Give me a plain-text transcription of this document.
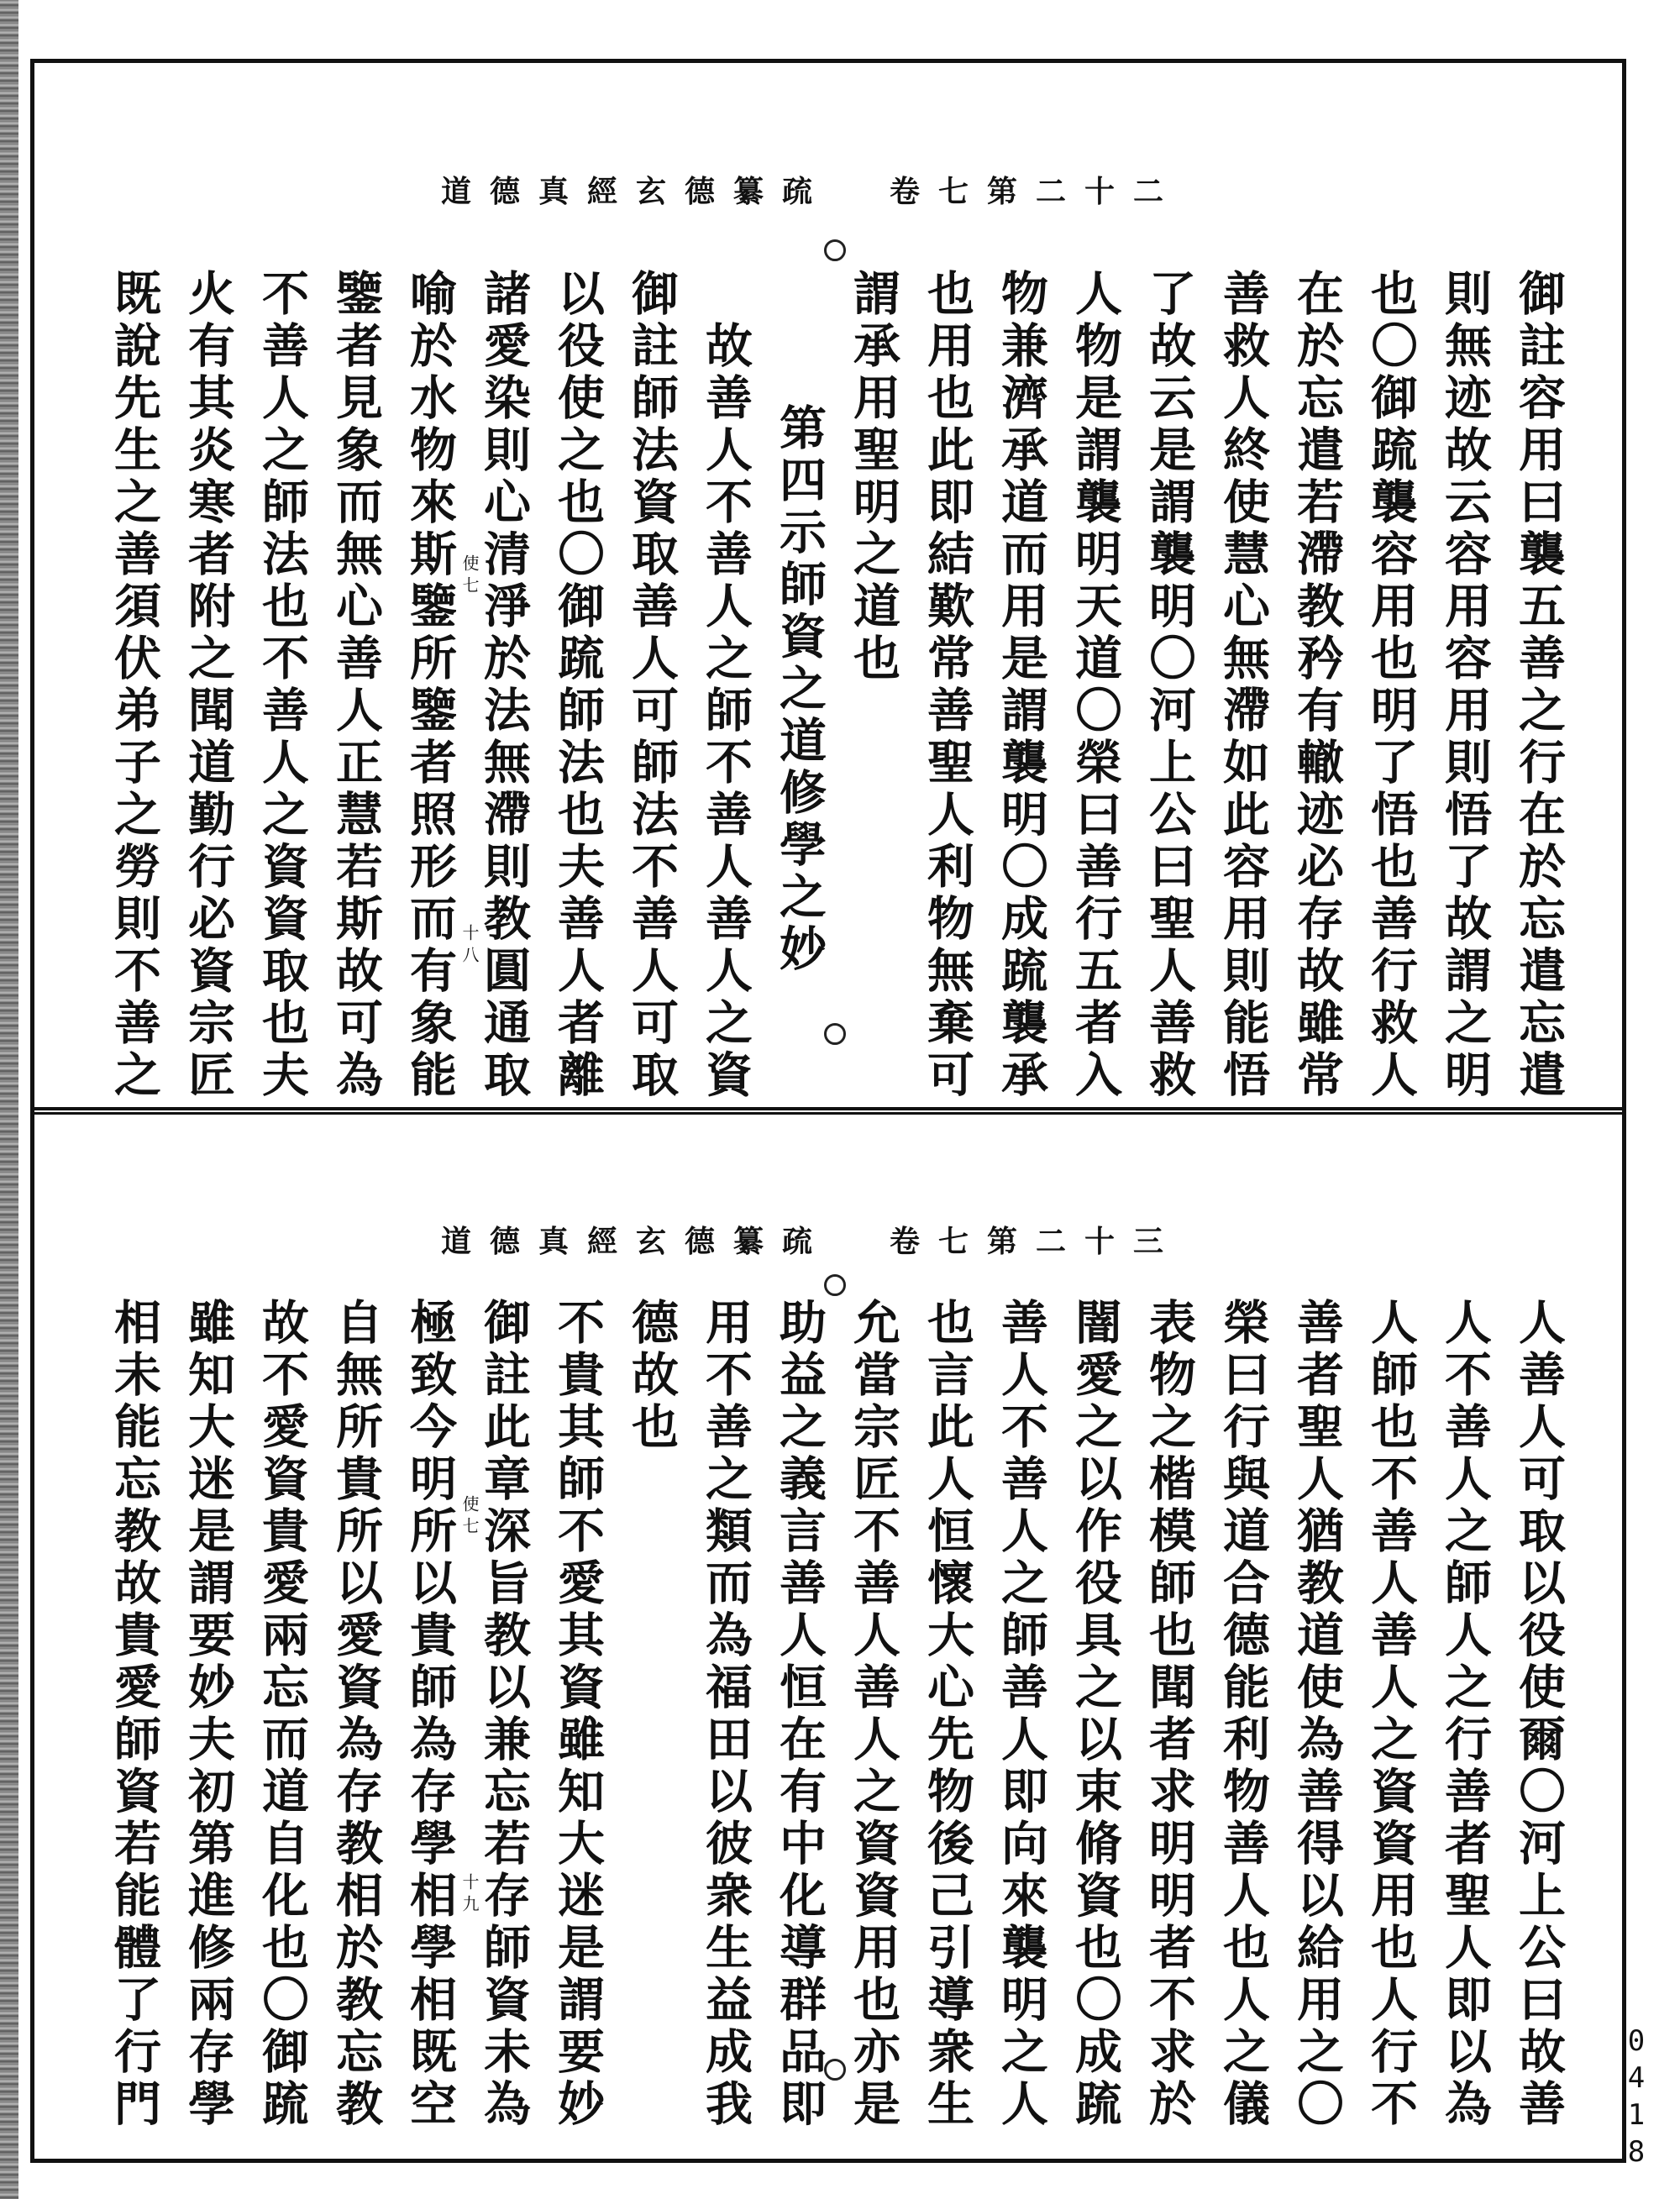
道德真經玄德纂疏 卷七第二十二
御註容用曰襲五善之行在於忘遣忘遣
則無迹故云容用容用則悟了故謂之明
也〇御䟽襲容用也明了悟也善行救人
在於忘遣若滯教矜有轍迹必存故雖常
善救人終使慧心無滯如此容用則能悟
了故云是謂襲明〇河上公曰聖人善救
人物是謂襲明天道〇榮曰善行五者入
物兼濟承道而用是謂襲明〇成䟽襲承
也用也此即結歎常善聖人利物無棄可
謂承用聖明之道也
第四示師資之道修學之妙
故善人不善人之師不善人善人之資
御註師法資取善人可師法不善人可取
以役使之也〇御䟽師法也夫善人者離
諸愛染則心清淨於法無滯則教圓通取
喻於水物來斯鑒所鑒者照形而有象能
鑒者見象而無心善人正慧若斯故可為
不善人之師法也不善人之資資取也夫
火有其炎寒者附之聞道勤行必資宗匠
既說先生之善須伏弟子之勞則不善之	使七
十八
道德真經玄德纂疏 卷七第二十三
人善人可取以役使爾〇河上公曰故善
人不善人之師人之行善者聖人即以為
人師也不善人善人之資資用也人行不
善者聖人猶教道使為善得以給用之〇
榮曰行與道合德能利物善人也人之儀
表物之楷模師也聞者求明明者不求於
闇愛之以作役具之以束脩資也〇成䟽
善人不善人之師善人即向來襲明之人
也言此人恒懷大心先物後己引導衆生
允當宗匠不善人善人之資資用也亦是
助益之義言善人恒在有中化導群品即
用不善之類而為福田以彼衆生益成我
德故也
不貴其師不愛其資雖知大迷是謂要妙
御註此章深旨教以兼忘若存師資未為
極致今明所以貴師為存學相學相既空
自無所貴所以愛資為存教相於教忘教
故不愛資貴愛兩忘而道自化也〇御䟽
雖知大迷是謂要妙夫初第進修兩存學
相未能忘教故貴愛師資若能體了行門	使七
十九
0418
